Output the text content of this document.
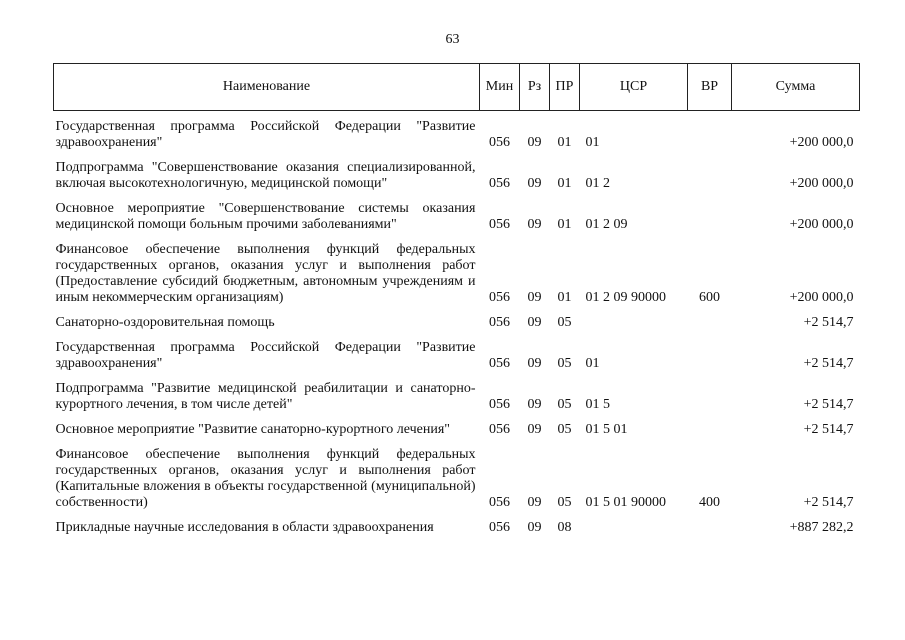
63
Наименование	Мин	Рз	ПР	ЦСР	ВР	Сумма
Государственная программа Российской Федерации "Развитие здравоохранения"	056	09	01	01		+200 000,0
Подпрограмма "Совершенствование оказания специализированной, включая высокотехнологичную, медицинской помощи"	056	09	01	01 2		+200 000,0
Основное мероприятие "Совершенствование системы оказания медицинской помощи больным прочими заболеваниями"	056	09	01	01 2 09		+200 000,0
Финансовое обеспечение выполнения функций федеральных государственных органов, оказания услуг и выполнения работ (Предоставление субсидий бюджетным, автономным учреждениям и иным некоммерческим организациям)	056	09	01	01 2 09 90000	600	+200 000,0
Санаторно-оздоровительная помощь	056	09	05			+2 514,7
Государственная программа Российской Федерации "Развитие здравоохранения"	056	09	05	01		+2 514,7
Подпрограмма "Развитие медицинской реабилитации и санаторно-курортного лечения, в том числе детей"	056	09	05	01 5		+2 514,7
Основное мероприятие "Развитие санаторно-курортного лечения"	056	09	05	01 5 01		+2 514,7
Финансовое обеспечение выполнения функций федеральных государственных органов, оказания услуг и выполнения работ (Капитальные вложения в объекты государственной (муниципальной) собственности)	056	09	05	01 5 01 90000	400	+2 514,7
Прикладные научные исследования в области здравоохранения	056	09	08			+887 282,2
